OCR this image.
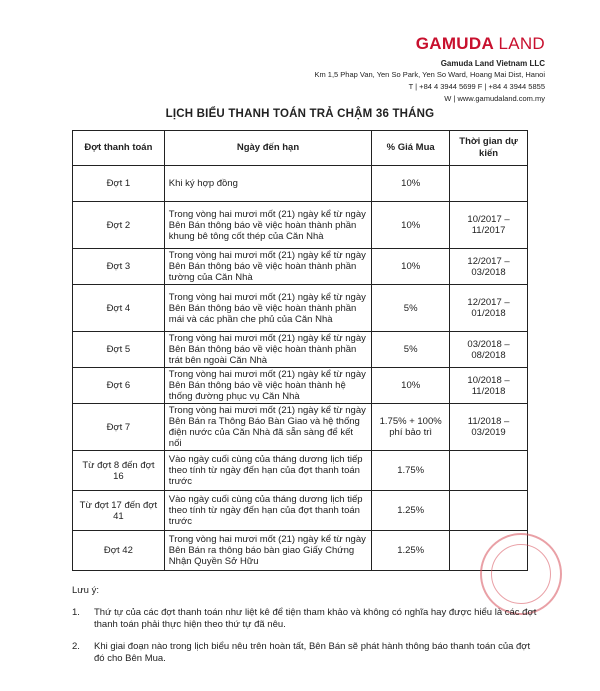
GAMUDA LAND
Gamuda Land Vietnam LLC
Km 1,5 Phap Van, Yen So Park, Yen So Ward, Hoang Mai Dist, Hanoi
T | +84 4 3944 5699 F | +84 4 3944 5855
W | www.gamudaland.com.my
LỊCH BIỂU THANH TOÁN TRẢ CHẬM 36 THÁNG
Đợt thanh toán	Ngày đến hạn	% Giá Mua	Thời gian dự kiến
Đợt 1	Khi ký hợp đồng	10%	
Đợt 2	Trong vòng hai mươi mốt (21) ngày kể từ ngày Bên Bán thông báo về việc hoàn thành phần khung bê tông cốt thép của Căn Nhà	10%	10/2017 – 11/2017
Đợt 3	Trong vòng hai mươi mốt (21) ngày kể từ ngày Bên Bán thông báo về việc hoàn thành phần tường của Căn Nhà	10%	12/2017 – 03/2018
Đợt 4	Trong vòng hai mươi mốt (21) ngày kể từ ngày Bên Bán thông báo về việc hoàn thành phần mái và các phần che phủ của Căn Nhà	5%	12/2017 – 01/2018
Đợt 5	Trong vòng hai mươi mốt (21) ngày kể từ ngày Bên Bán thông báo về việc hoàn thành phần trát bên ngoài Căn Nhà	5%	03/2018 – 08/2018
Đợt 6	Trong vòng hai mươi mốt (21) ngày kể từ ngày Bên Bán thông báo về việc hoàn thành hệ thống đường phục vụ Căn Nhà	10%	10/2018 – 11/2018
Đợt 7	Trong vòng hai mươi mốt (21) ngày kể từ ngày Bên Bán ra Thông Báo Bàn Giao và hệ thống điện nước của Căn Nhà đã sẵn sàng để kết nối	1.75% + 100% phí bảo trì	11/2018 – 03/2019
Từ đợt 8 đến đợt 16	Vào ngày cuối cùng của tháng dương lịch tiếp theo tính từ ngày đến hạn của đợt thanh toán trước	1.75%	
Từ đợt 17 đến đợt 41	Vào ngày cuối cùng của tháng dương lịch tiếp theo tính từ ngày đến hạn của đợt thanh toán trước	1.25%	
Đợt 42	Trong vòng hai mươi mốt (21) ngày kể từ ngày Bên Bán ra thông báo bàn giao Giấy Chứng Nhận Quyền Sở Hữu	1.25%	
Lưu ý:
1.	Thứ tự của các đợt thanh toán như liệt kê để tiện tham khảo và không có nghĩa hay được hiểu là các đợt thanh toán phải thực hiện theo thứ tự đã nêu.
2.	Khi giai đoạn nào trong lịch biểu nêu trên hoàn tất, Bên Bán sẽ phát hành thông báo thanh toán của đợt đó cho Bên Mua.
